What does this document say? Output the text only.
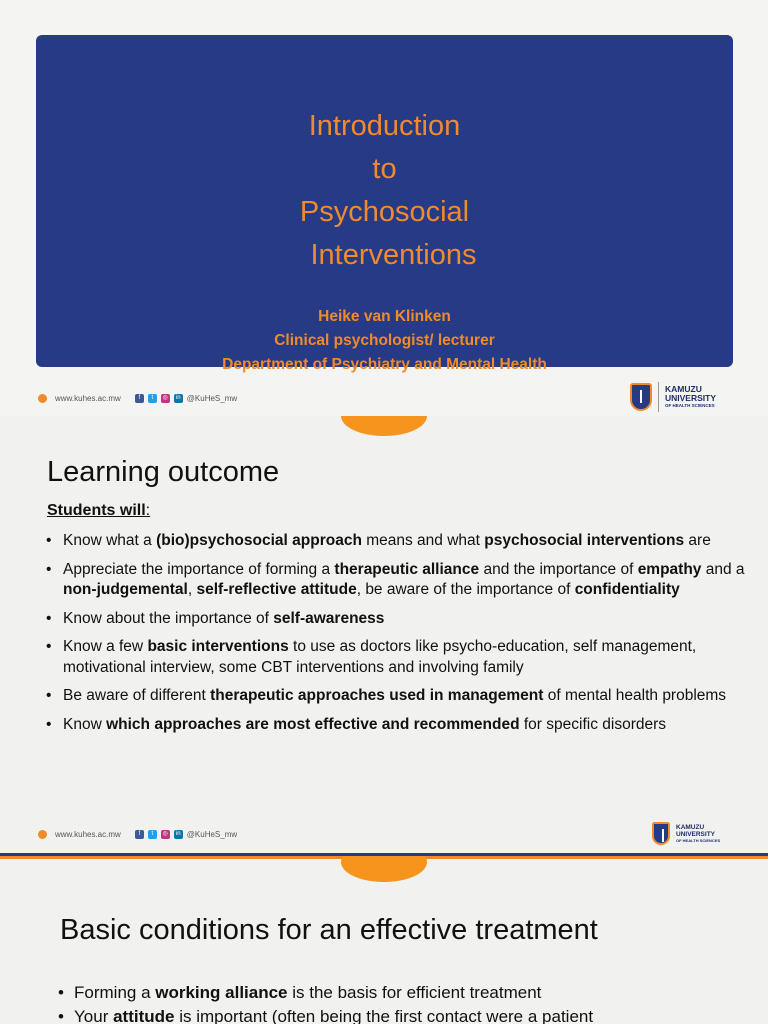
Introduction
to
Psychosocial
Interventions
Heike van Klinken
Clinical psychologist/ lecturer
Department of Psychiatry and Mental Health
www.kuhes.ac.mw	f	t	◎	in @KuHeS_mw
KAMUZU
UNIVERSITY
OF HEALTH SCIENCES
Learning outcome
Students will:
• Know what a (bio)psychosocial approach means and what psychosocial interventions are
• Appreciate the importance of forming a therapeutic alliance and the importance of empathy and a non-judgemental, self-reflective attitude, be aware of the importance of confidentiality
• Know about the importance of self-awareness
• Know a few basic interventions to use as doctors like psycho-education, self management, motivational interview, some CBT interventions and involving family
• Be aware of different therapeutic approaches used in management of mental health problems
• Know which approaches are most effective and recommended for specific disorders
www.kuhes.ac.mw	f	t	◎	in @KuHeS_mw
KAMUZU
UNIVERSITY
OF HEALTH SCIENCES
Basic conditions for an effective treatment
• Forming a working alliance is the basis for efficient treatment
• Your attitude is important (often being the first contact were a patient
